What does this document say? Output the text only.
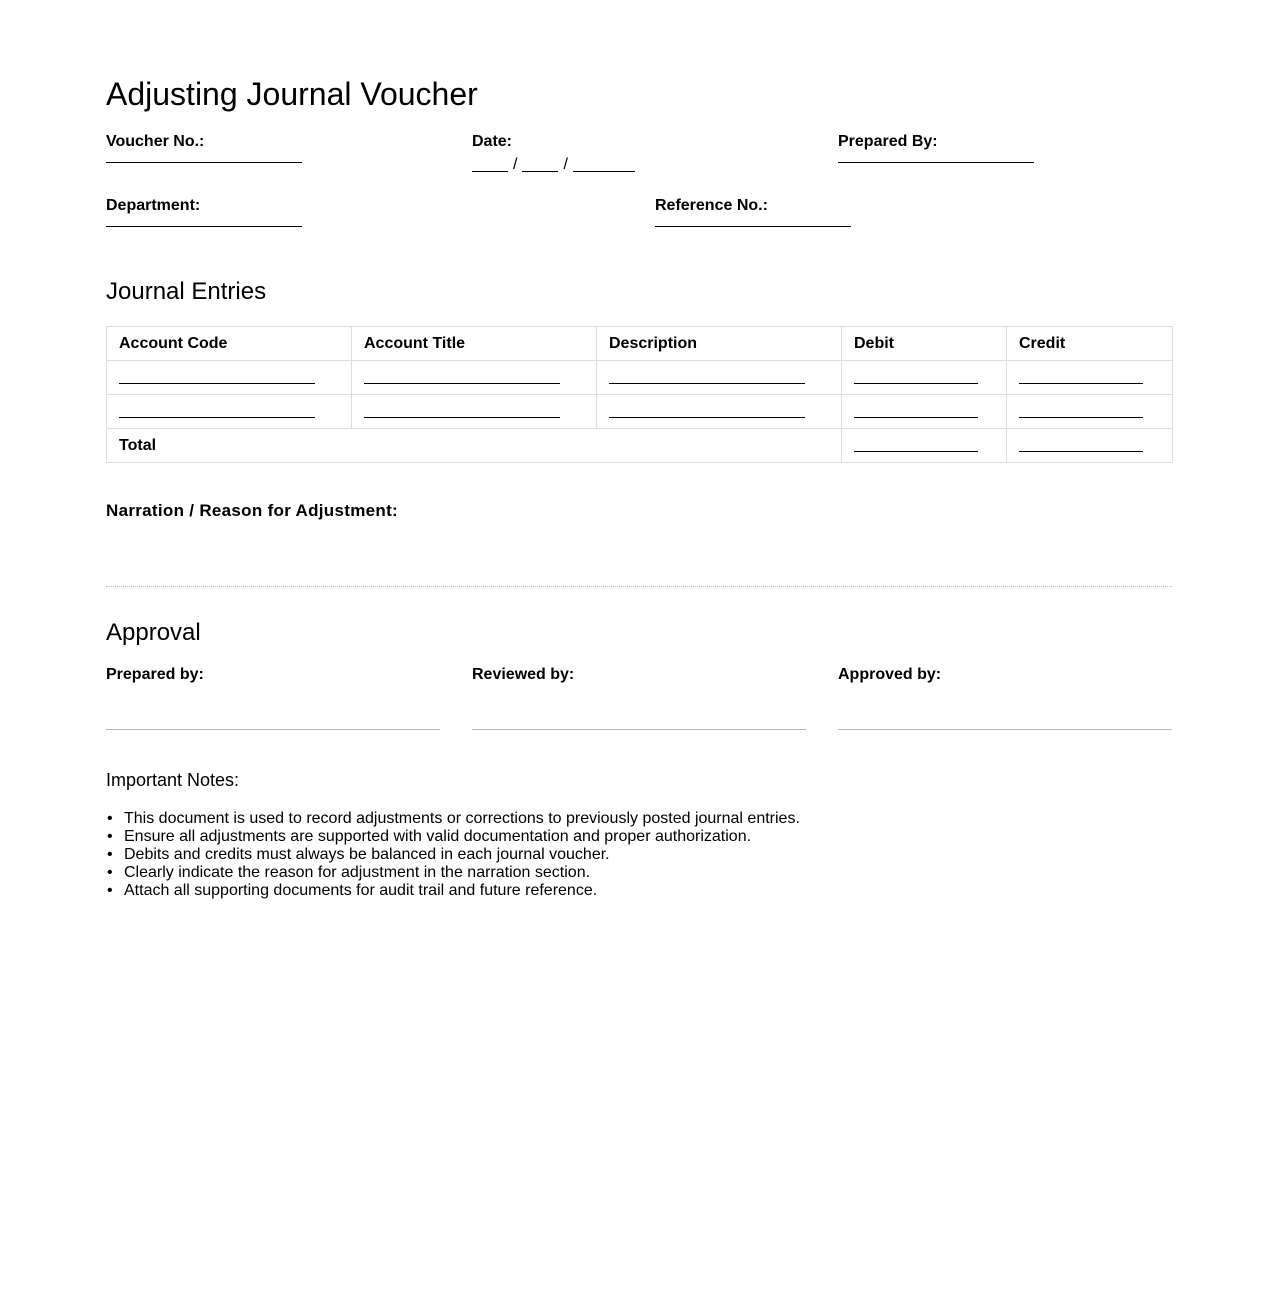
Adjusting Journal Voucher
Voucher No.:	Date:
/	/
Prepared By:
Department:	Reference No.:
Journal Entries
Account Code	Account Title	Description	Debit	Credit

Total			

Narration / Reason for Adjustment:
Approval
Prepared by:	Reviewed by:	Approved by:
Important Notes:
• This document is used to record adjustments or corrections to previously posted journal entries.
• Ensure all adjustments are supported with valid documentation and proper authorization.
• Debits and credits must always be balanced in each journal voucher.
• Clearly indicate the reason for adjustment in the narration section.
• Attach all supporting documents for audit trail and future reference.
